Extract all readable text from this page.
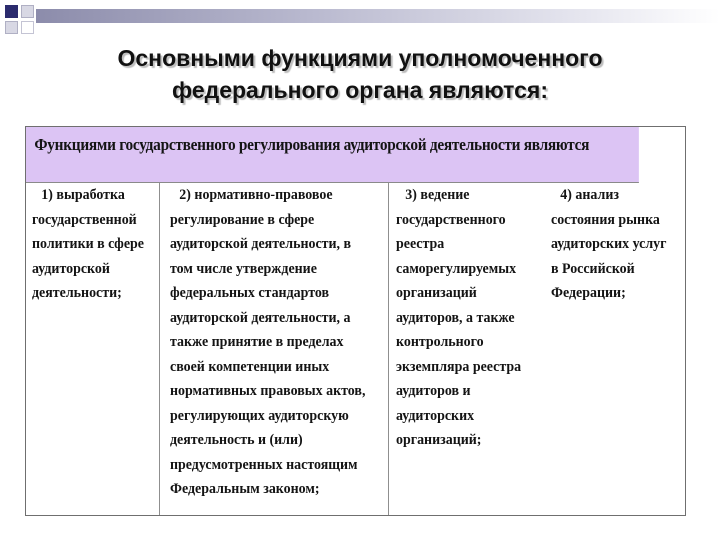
Основными функциями уполномоченного
федерального органа являются:
Функциями государственного регулирования аудиторской деятельности являются
1) выработка
государственной
политики в сфере
аудиторской
деятельности;
2) нормативно-правовое
регулирование в сфере
аудиторской деятельности, в
том числе утверждение
федеральных стандартов
аудиторской деятельности, а
также принятие в пределах
своей компетенции иных
нормативных правовых актов,
регулирующих аудиторскую
деятельность и (или)
предусмотренных настоящим
Федеральным законом;
3) ведение
государственного
реестра
саморегулируемых
организаций
аудиторов, а также
контрольного
экземпляра реестра
аудиторов и
аудиторских
организаций;
4) анализ
состояния рынка
аудиторских услуг
в Российской
Федерации;
